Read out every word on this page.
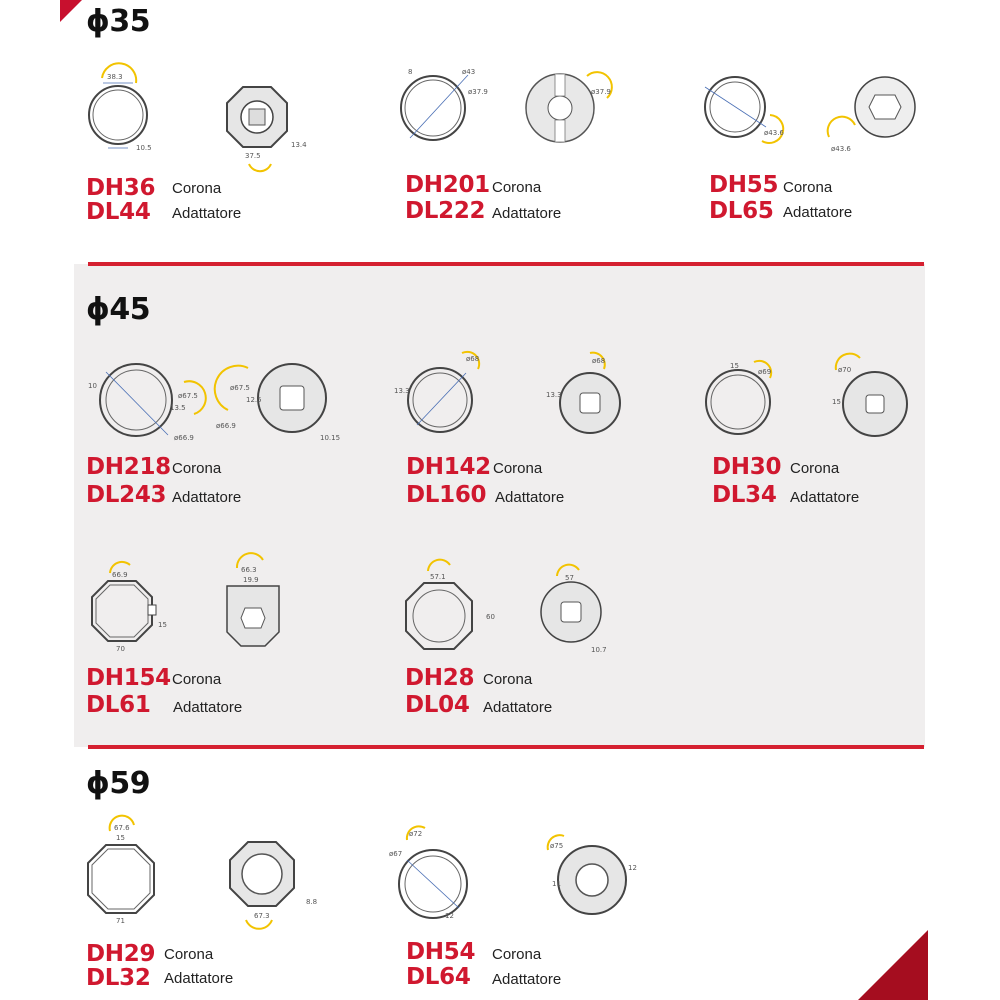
ϕ35
ϕ45
ϕ59
38.3
10.5
37.5
13.4
DH36 Corona
DL44 Adattatore
8	ø43
ø37.9	ø37.9
DH201 Corona
DL222 Adattatore
ø43.6
ø43.6
DH55 Corona
DL65 Adattatore
10
ø67.5
13.5
ø66.9
ø67.5
12.5
ø66.9
10.15
DH218 Corona
DL243 Adattatore
ø68
13.3
ø68
13.3
DH142 Corona
DL160 Adattatore
15
ø69	ø70
15
DH30 Corona
DL34 Adattatore
66.9
70
15
66.3
19.9
DH154 Corona
DL61 Adattatore
57.1
60
57
10.7
DH28 Corona
DL04 Adattatore
67.6
15
71
67.3
8.8
DH29 Corona
DL32 Adattatore
ø72
ø67
12
ø75
11
12
DH54 Corona
DL64 Adattatore
